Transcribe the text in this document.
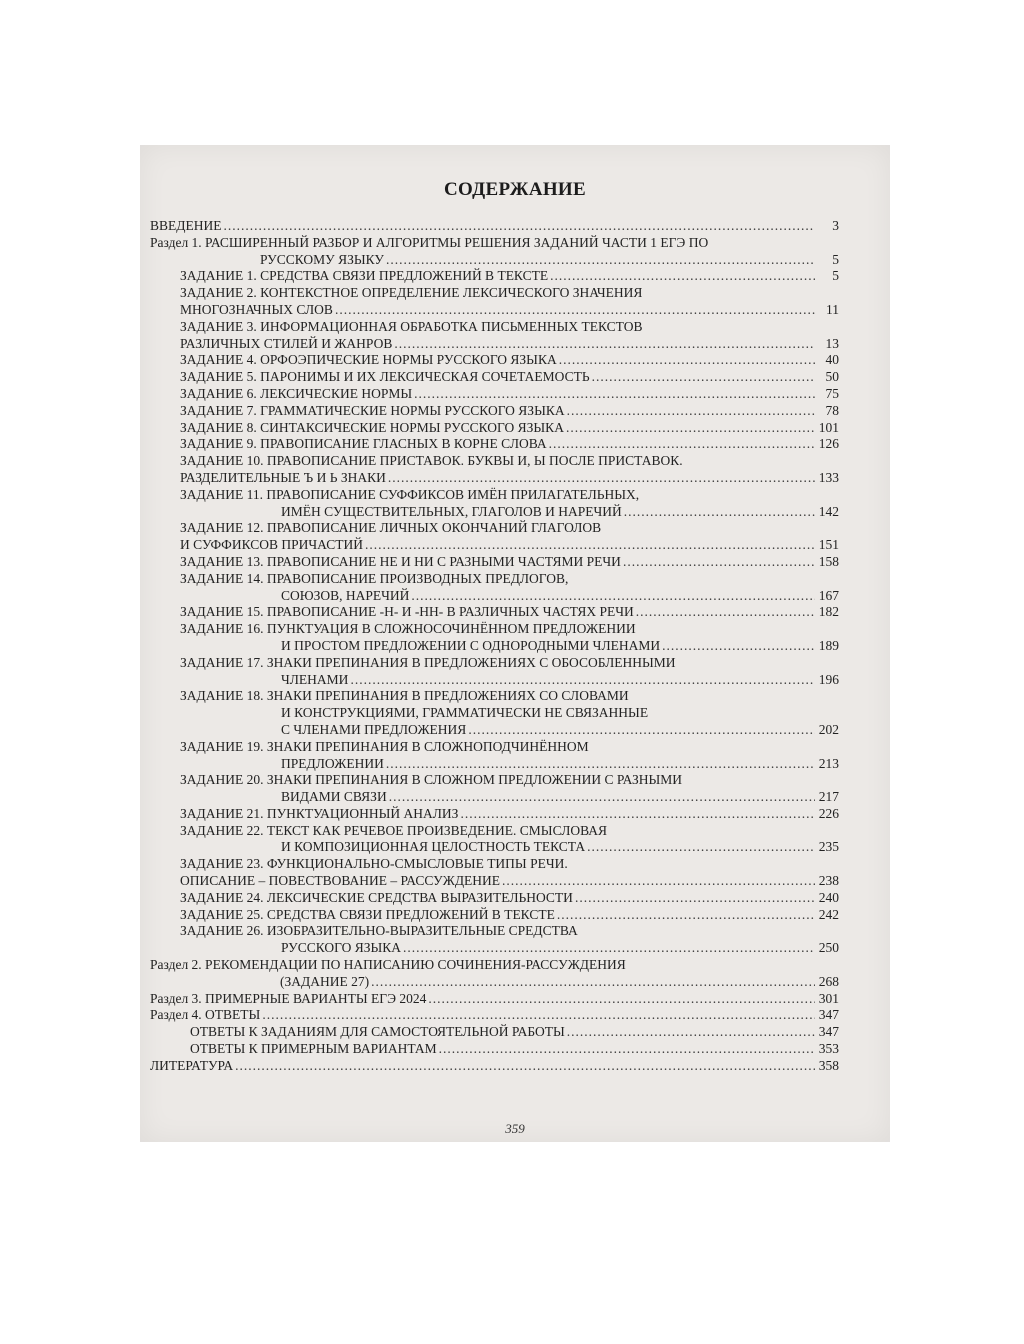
СОДЕРЖАНИЕ
ВВЕДЕНИЕ .....	3
Раздел 1. РАСШИРЕННЫЙ РАЗБОР И АЛГОРИТМЫ РЕШЕНИЯ ЗАДАНИЙ ЧАСТИ 1 ЕГЭ ПО
РУССКОМУ ЯЗЫКУ .....	5
ЗАДАНИЕ 1. СРЕДСТВА СВЯЗИ ПРЕДЛОЖЕНИЙ В ТЕКСТЕ .....	5
ЗАДАНИЕ 2. КОНТЕКСТНОЕ ОПРЕДЕЛЕНИЕ ЛЕКСИЧЕСКОГО ЗНАЧЕНИЯ
МНОГОЗНАЧНЫХ СЛОВ .....	11
ЗАДАНИЕ 3. ИНФОРМАЦИОННАЯ ОБРАБОТКА ПИСЬМЕННЫХ ТЕКСТОВ
РАЗЛИЧНЫХ СТИЛЕЙ И ЖАНРОВ .....	13
ЗАДАНИЕ 4. ОРФОЭПИЧЕСКИЕ НОРМЫ РУССКОГО ЯЗЫКА .....	40
ЗАДАНИЕ 5. ПАРОНИМЫ И ИХ ЛЕКСИЧЕСКАЯ СОЧЕТАЕМОСТЬ .....	50
ЗАДАНИЕ 6. ЛЕКСИЧЕСКИЕ НОРМЫ .....	75
ЗАДАНИЕ 7. ГРАММАТИЧЕСКИЕ НОРМЫ РУССКОГО ЯЗЫКА .....	78
ЗАДАНИЕ 8. СИНТАКСИЧЕСКИЕ НОРМЫ РУССКОГО ЯЗЫКА .....	101
ЗАДАНИЕ 9. ПРАВОПИСАНИЕ ГЛАСНЫХ В КОРНЕ СЛОВА .....	126
ЗАДАНИЕ 10. ПРАВОПИСАНИЕ ПРИСТАВОК. БУКВЫ И, Ы ПОСЛЕ ПРИСТАВОК.
РАЗДЕЛИТЕЛЬНЫЕ Ъ И Ь ЗНАКИ .....	133
ЗАДАНИЕ 11. ПРАВОПИСАНИЕ СУФФИКСОВ ИМЁН ПРИЛАГАТЕЛЬНЫХ,
ИМЁН СУЩЕСТВИТЕЛЬНЫХ, ГЛАГОЛОВ И НАРЕЧИЙ .....	142
ЗАДАНИЕ 12. ПРАВОПИСАНИЕ ЛИЧНЫХ ОКОНЧАНИЙ ГЛАГОЛОВ
И СУФФИКСОВ ПРИЧАСТИЙ .....	151
ЗАДАНИЕ 13. ПРАВОПИСАНИЕ НЕ И НИ С РАЗНЫМИ ЧАСТЯМИ РЕЧИ .....	158
ЗАДАНИЕ 14. ПРАВОПИСАНИЕ ПРОИЗВОДНЫХ ПРЕДЛОГОВ,
СОЮЗОВ, НАРЕЧИЙ .....	167
ЗАДАНИЕ 15. ПРАВОПИСАНИЕ -Н- И -НН- В РАЗЛИЧНЫХ ЧАСТЯХ РЕЧИ .....	182
ЗАДАНИЕ 16. ПУНКТУАЦИЯ В СЛОЖНОСОЧИНЁННОМ ПРЕДЛОЖЕНИИ
И ПРОСТОМ ПРЕДЛОЖЕНИИ С ОДНОРОДНЫМИ ЧЛЕНАМИ .....	189
ЗАДАНИЕ 17. ЗНАКИ ПРЕПИНАНИЯ В ПРЕДЛОЖЕНИЯХ С ОБОСОБЛЕННЫМИ
ЧЛЕНАМИ .....	196
ЗАДАНИЕ 18. ЗНАКИ ПРЕПИНАНИЯ В ПРЕДЛОЖЕНИЯХ СО СЛОВАМИ
И КОНСТРУКЦИЯМИ, ГРАММАТИЧЕСКИ НЕ СВЯЗАННЫЕ
С ЧЛЕНАМИ ПРЕДЛОЖЕНИЯ .....	202
ЗАДАНИЕ 19. ЗНАКИ ПРЕПИНАНИЯ В СЛОЖНОПОДЧИНЁННОМ
ПРЕДЛОЖЕНИИ .....	213
ЗАДАНИЕ 20. ЗНАКИ ПРЕПИНАНИЯ В СЛОЖНОМ ПРЕДЛОЖЕНИИ С РАЗНЫМИ
ВИДАМИ СВЯЗИ .....	217
ЗАДАНИЕ 21. ПУНКТУАЦИОННЫЙ АНАЛИЗ .....	226
ЗАДАНИЕ 22. ТЕКСТ КАК РЕЧЕВОЕ ПРОИЗВЕДЕНИЕ. СМЫСЛОВАЯ
И КОМПОЗИЦИОННАЯ ЦЕЛОСТНОСТЬ ТЕКСТА .....	235
ЗАДАНИЕ 23. ФУНКЦИОНАЛЬНО-СМЫСЛОВЫЕ ТИПЫ РЕЧИ.
ОПИСАНИЕ – ПОВЕСТВОВАНИЕ – РАССУЖДЕНИЕ .....	238
ЗАДАНИЕ 24. ЛЕКСИЧЕСКИЕ СРЕДСТВА ВЫРАЗИТЕЛЬНОСТИ .....	240
ЗАДАНИЕ 25. СРЕДСТВА СВЯЗИ ПРЕДЛОЖЕНИЙ В ТЕКСТЕ .....	242
ЗАДАНИЕ 26. ИЗОБРАЗИТЕЛЬНО-ВЫРАЗИТЕЛЬНЫЕ СРЕДСТВА
РУССКОГО ЯЗЫКА .....	250
Раздел 2. РЕКОМЕНДАЦИИ ПО НАПИСАНИЮ СОЧИНЕНИЯ-РАССУЖДЕНИЯ
(ЗАДАНИЕ 27) .....	268
Раздел 3. ПРИМЕРНЫЕ ВАРИАНТЫ ЕГЭ 2024 .....	301
Раздел 4. ОТВЕТЫ .....	347
ОТВЕТЫ К ЗАДАНИЯМ ДЛЯ САМОСТОЯТЕЛЬНОЙ РАБОТЫ .....	347
ОТВЕТЫ К ПРИМЕРНЫМ ВАРИАНТАМ .....	353
ЛИТЕРАТУРА .....	358
359
